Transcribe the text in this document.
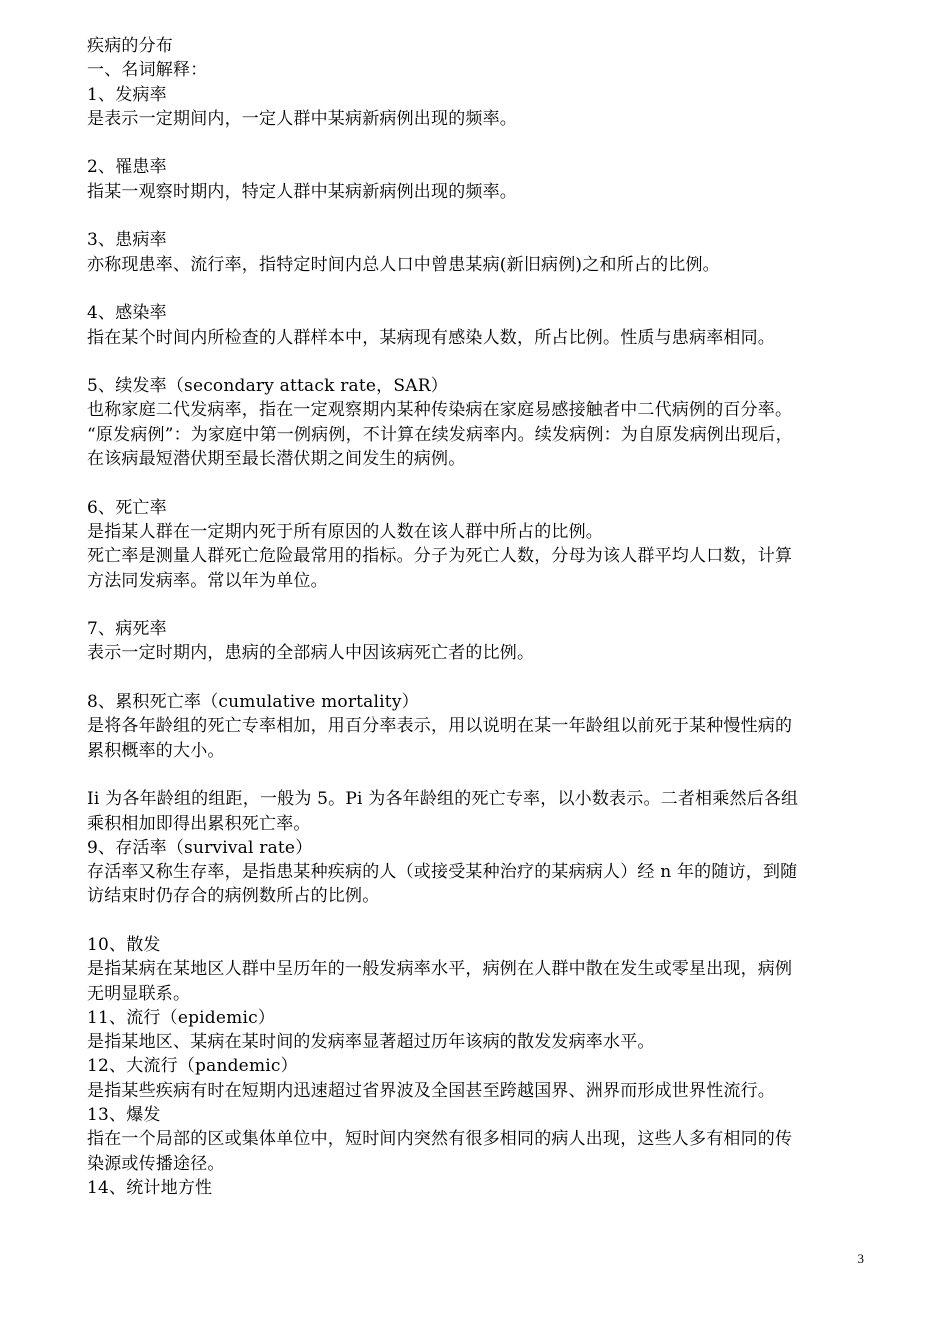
疾病的分布
一、名词解释：
1、发病率
是表示一定期间内，一定人群中某病新病例出现的频率。
2、罹患率
指某一观察时期内，特定人群中某病新病例出现的频率。
3、患病率
亦称现患率、流行率，指特定时间内总人口中曾患某病(新旧病例)之和所占的比例。
4、感染率
指在某个时间内所检查的人群样本中，某病现有感染人数，所占比例。性质与患病率相同。
5、续发率（secondary attack rate，SAR）
也称家庭二代发病率，指在一定观察期内某种传染病在家庭易感接触者中二代病例的百分率。
“原发病例”：为家庭中第一例病例，不计算在续发病率内。续发病例：为自原发病例出现后，
在该病最短潜伏期至最长潜伏期之间发生的病例。
6、死亡率
是指某人群在一定期内死于所有原因的人数在该人群中所占的比例。
死亡率是测量人群死亡危险最常用的指标。分子为死亡人数，分母为该人群平均人口数，计算
方法同发病率。常以年为单位。
7、病死率
表示一定时期内，患病的全部病人中因该病死亡者的比例。
8、累积死亡率（cumulative mortality）
是将各年龄组的死亡专率相加，用百分率表示，用以说明在某一年龄组以前死于某种慢性病的
累积概率的大小。
Ii 为各年龄组的组距，一般为 5。Pi 为各年龄组的死亡专率，以小数表示。二者相乘然后各组
乘积相加即得出累积死亡率。
9、存活率（survival rate）
存活率又称生存率，是指患某种疾病的人（或接受某种治疗的某病病人）经 n 年的随访，到随
访结束时仍存合的病例数所占的比例。
10、散发
是指某病在某地区人群中呈历年的一般发病率水平，病例在人群中散在发生或零星出现，病例
无明显联系。
11、流行（epidemic）
是指某地区、某病在某时间的发病率显著超过历年该病的散发发病率水平。
12、大流行（pandemic）
是指某些疾病有时在短期内迅速超过省界波及全国甚至跨越国界、洲界而形成世界性流行。
13、爆发
指在一个局部的区或集体单位中，短时间内突然有很多相同的病人出现，这些人多有相同的传
染源或传播途径。
14、统计地方性
3
